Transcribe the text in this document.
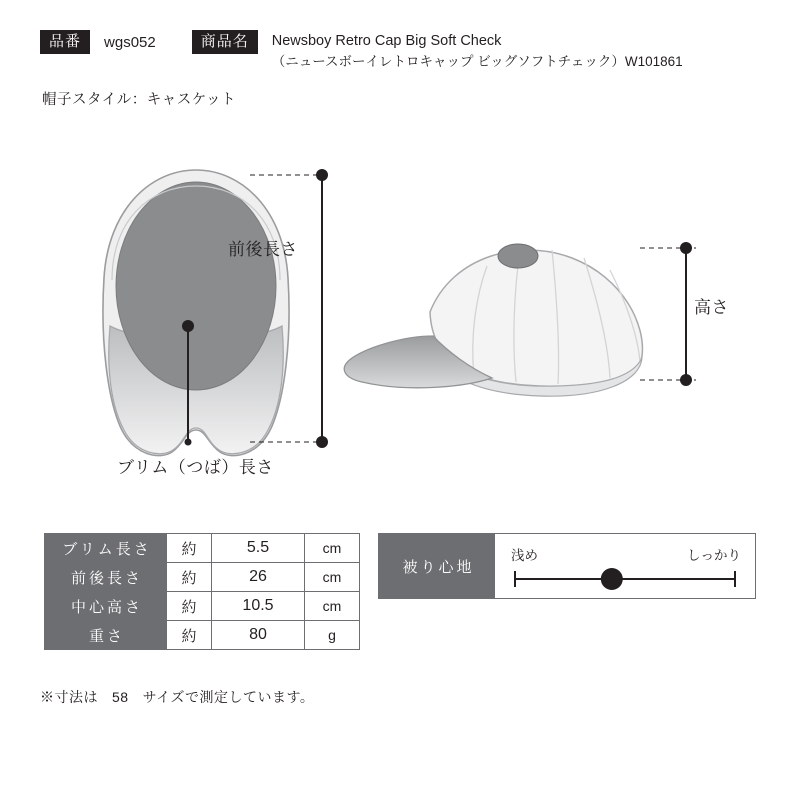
品番	wgs052	商品名	Newsboy Retro Cap Big Soft Check
（ニュースボーイレトロキャップ ビッグソフトチェック）W101861
帽子スタイル：キャスケット
前後長さ
ブリム（つば）長さ
高さ
ブリム長さ	約	5.5	cm
前後長さ	約	26	cm
中心高さ	約	10.5	cm
重さ	約	80	g
※寸法は 58 サイズで測定しています。
被り心地
浅め	しっかり
